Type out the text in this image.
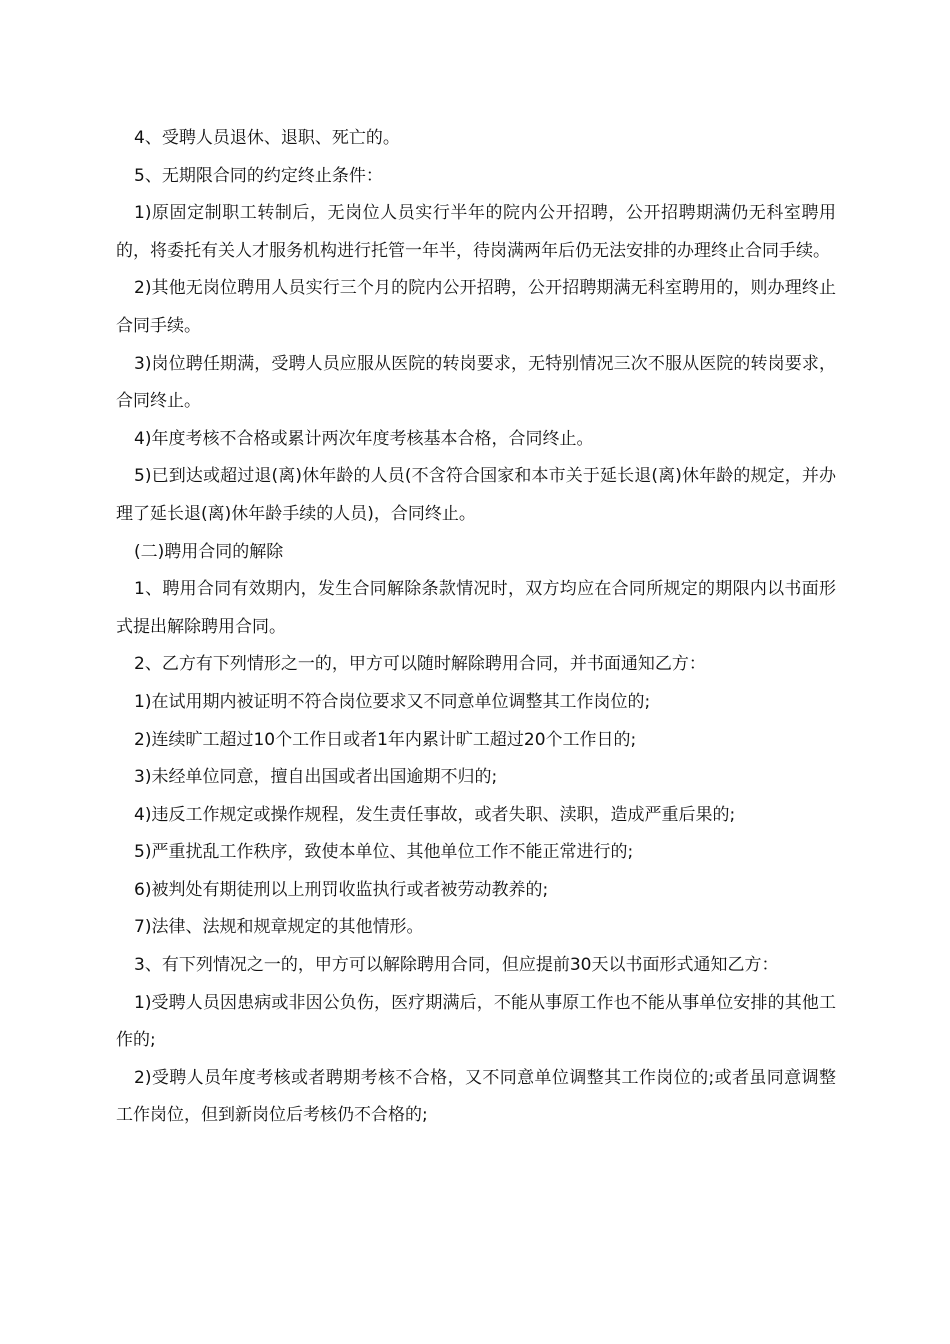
4、受聘人员退休、退职、死亡的。

5、无期限合同的约定终止条件：

1)原固定制职工转制后，无岗位人员实行半年的院内公开招聘，公开招聘期满仍无科室聘用的，将委托有关人才服务机构进行托管一年半，待岗满两年后仍无法安排的办理终止合同手续。

2)其他无岗位聘用人员实行三个月的院内公开招聘，公开招聘期满无科室聘用的，则办理终止合同手续。

3)岗位聘任期满，受聘人员应服从医院的转岗要求，无特别情况三次不服从医院的转岗要求，合同终止。

4)年度考核不合格或累计两次年度考核基本合格，合同终止。

5)已到达或超过退(离)休年龄的人员(不含符合国家和本市关于延长退(离)休年龄的规定，并办理了延长退(离)休年龄手续的人员)，合同终止。

(二)聘用合同的解除

1、聘用合同有效期内，发生合同解除条款情况时，双方均应在合同所规定的期限内以书面形式提出解除聘用合同。

2、乙方有下列情形之一的，甲方可以随时解除聘用合同，并书面通知乙方：

1)在试用期内被证明不符合岗位要求又不同意单位调整其工作岗位的;

2)连续旷工超过10个工作日或者1年内累计旷工超过20个工作日的;

3)未经单位同意，擅自出国或者出国逾期不归的;

4)违反工作规定或操作规程，发生责任事故，或者失职、渎职，造成严重后果的;

5)严重扰乱工作秩序，致使本单位、其他单位工作不能正常进行的;

6)被判处有期徒刑以上刑罚收监执行或者被劳动教养的;

7)法律、法规和规章规定的其他情形。

3、有下列情况之一的，甲方可以解除聘用合同，但应提前30天以书面形式通知乙方：

1)受聘人员因患病或非因公负伤，医疗期满后，不能从事原工作也不能从事单位安排的其他工作的;

2)受聘人员年度考核或者聘期考核不合格，又不同意单位调整其工作岗位的;或者虽同意调整工作岗位，但到新岗位后考核仍不合格的;
